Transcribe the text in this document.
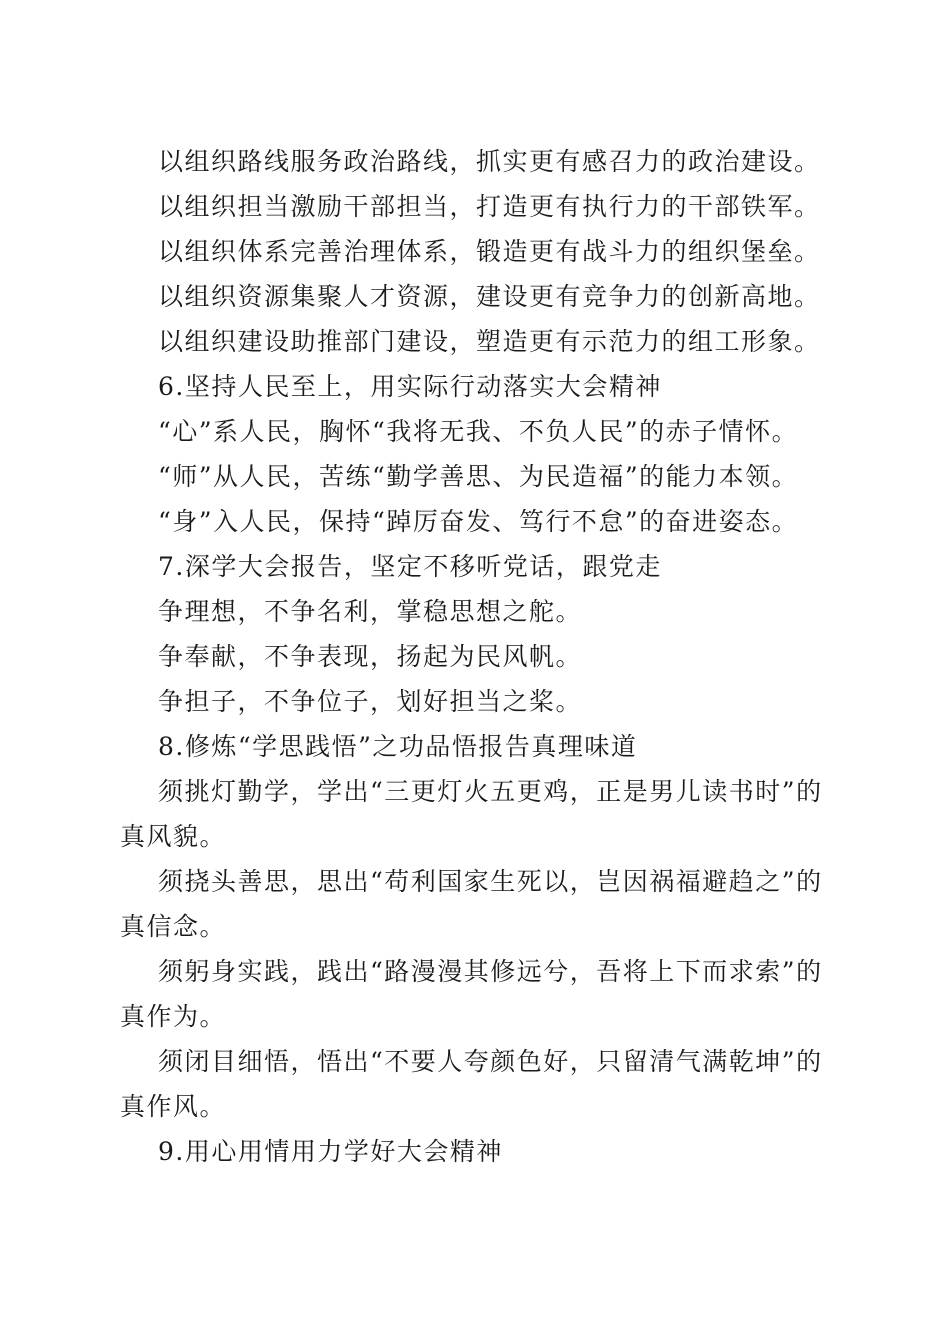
以组织路线服务政治路线，抓实更有感召力的政治建设。
以组织担当激励干部担当，打造更有执行力的干部铁军。
以组织体系完善治理体系，锻造更有战斗力的组织堡垒。
以组织资源集聚人才资源，建设更有竞争力的创新高地。
以组织建设助推部门建设，塑造更有示范力的组工形象。
6.坚持人民至上，用实际行动落实大会精神
“心”系人民，胸怀“我将无我、不负人民”的赤子情怀。
“师”从人民，苦练“勤学善思、为民造福”的能力本领。
“身”入人民，保持“踔厉奋发、笃行不怠”的奋进姿态。
7.深学大会报告，坚定不移听党话，跟党走
争理想，不争名利，掌稳思想之舵。
争奉献，不争表现，扬起为民风帆。
争担子，不争位子，划好担当之桨。
8.修炼“学思践悟”之功品悟报告真理味道
须挑灯勤学，学出“三更灯火五更鸡，正是男儿读书时”的
真风貌。
须挠头善思，思出“苟利国家生死以，岂因祸福避趋之”的
真信念。
须躬身实践，践出“路漫漫其修远兮，吾将上下而求索”的
真作为。
须闭目细悟，悟出“不要人夸颜色好，只留清气满乾坤”的
真作风。
9.用心用情用力学好大会精神
